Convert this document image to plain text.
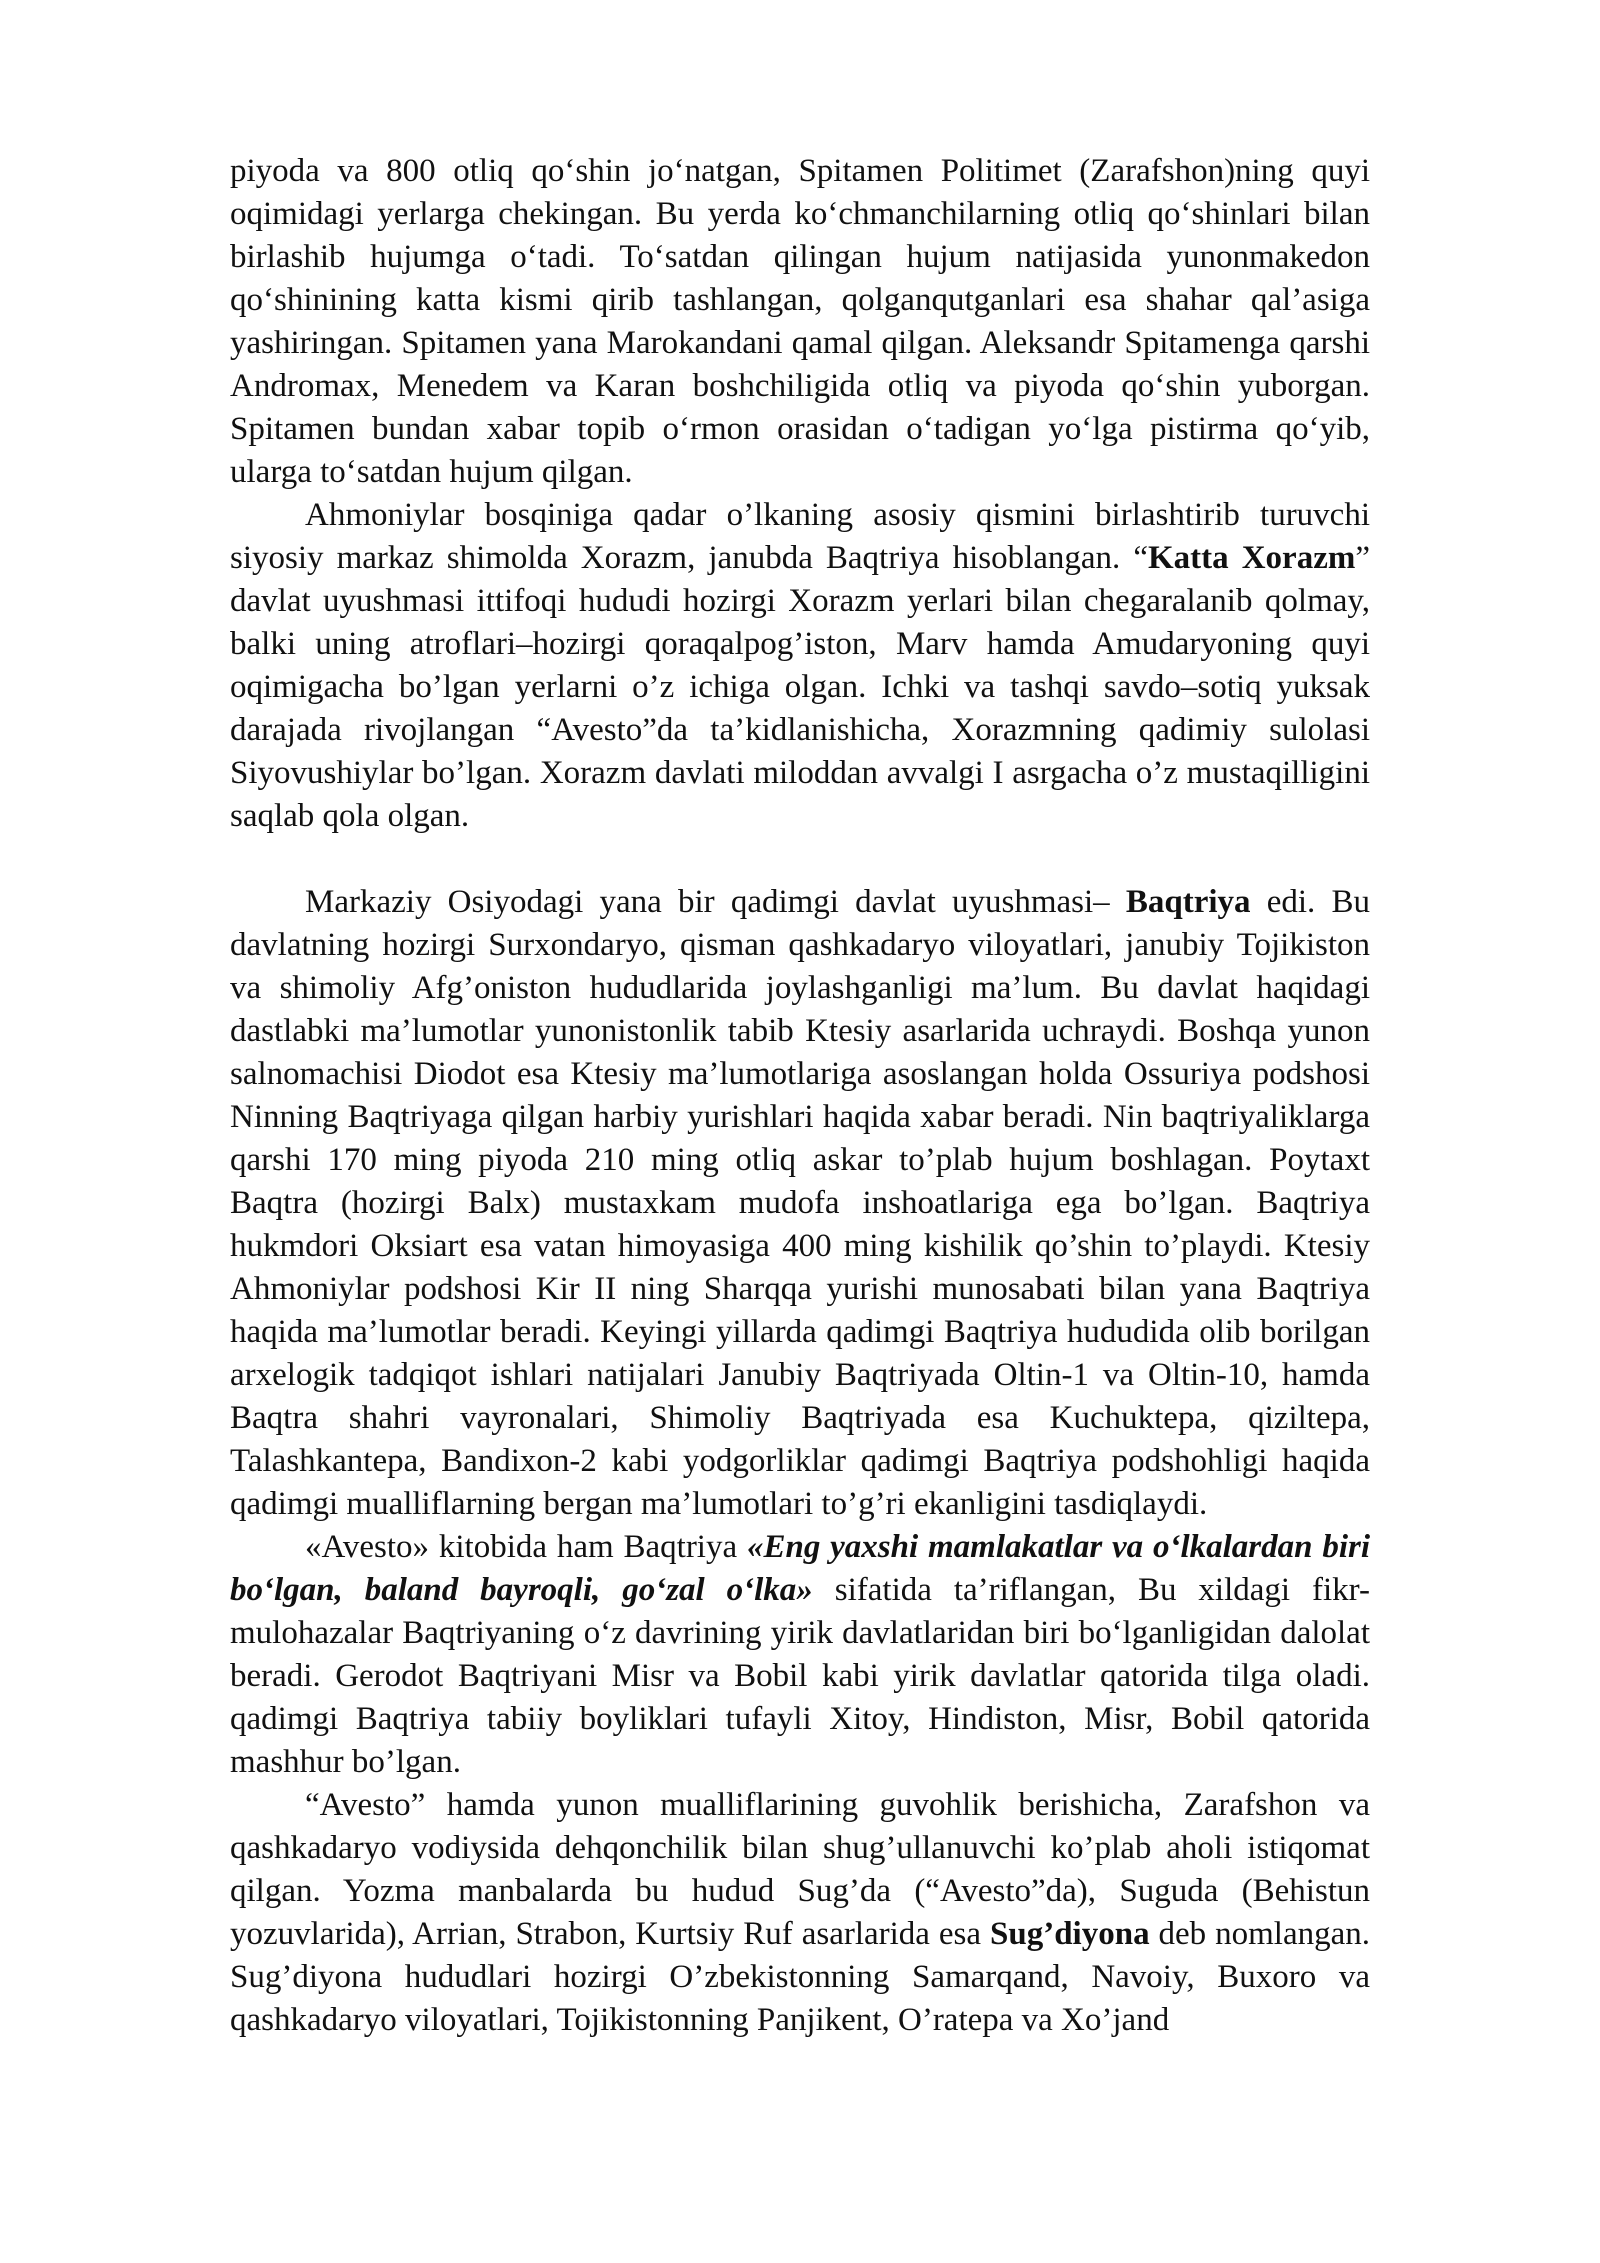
piyoda va 800 otliq qo‘shin jo‘natgan, Spitamen Politimet (Zarafshon)ning quyi oqimidagi yerlarga chekingan. Bu yerda ko‘chmanchilarning otliq qo‘shinlari bilan birlashib hujumga o‘tadi. To‘satdan qilingan hujum natijasida yunonmakedon qo‘shinining katta kismi qirib tashlangan, qolganqutganlari esa shahar qal’asiga yashiringan. Spitamen yana Marokandani qamal qilgan. Aleksandr Spitamenga qarshi Andromax, Menedem va Karan boshchiligida otliq va piyoda qo‘shin yuborgan. Spitamen bundan xabar topib o‘rmon orasidan o‘tadigan yo‘lga pistirma qo‘yib, ularga to‘satdan hujum qilgan.

Ahmoniylar bosqiniga qadar o’lkaning asosiy qismini birlashtirib turuvchi siyosiy markaz shimolda Xorazm, janubda Baqtriya hisoblangan. “Katta Xorazm” davlat uyushmasi ittifoqi hududi hozirgi Xorazm yerlari bilan chegaralanib qolmay, balki uning atroflari–hozirgi qoraqalpog’iston, Marv hamda Amudaryoning quyi oqimigacha bo’lgan yerlarni o’z ichiga olgan. Ichki va tashqi savdo–sotiq yuksak darajada rivojlangan “Avesto”da ta’kidlanishicha, Xorazmning qadimiy sulolasi Siyovushiylar bo’lgan. Xorazm davlati miloddan avvalgi I asrgacha o’z mustaqilligini saqlab qola olgan.

Markaziy Osiyodagi yana bir qadimgi davlat uyushmasi– Baqtriya edi. Bu davlatning hozirgi Surxondaryo, qisman qashkadaryo viloyatlari, janubiy Tojikiston va shimoliy Afg’oniston hududlarida joylashganligi ma’lum. Bu davlat haqidagi dastlabki ma’lumotlar yunonistonlik tabib Ktesiy asarlarida uchraydi. Boshqa yunon salnomachisi Diodot esa Ktesiy ma’lumotlariga asoslangan holda Ossuriya podshosi Ninning Baqtriyaga qilgan harbiy yurishlari haqida xabar beradi. Nin baqtriyaliklarga qarshi 170 ming piyoda 210 ming otliq askar to’plab hujum boshlagan. Poytaxt Baqtra (hozirgi Balx) mustaxkam mudofa inshoatlariga ega bo’lgan. Baqtriya hukmdori Oksiart esa vatan himoyasiga 400 ming kishilik qo’shin to’playdi. Ktesiy Ahmoniylar podshosi Kir II ning Sharqqa yurishi munosabati bilan yana Baqtriya haqida ma’lumotlar beradi. Keyingi yillarda qadimgi Baqtriya hududida olib borilgan arxelogik tadqiqot ishlari natijalari Janubiy Baqtriyada Oltin-1 va Oltin-10, hamda Baqtra shahri vayronalari, Shimoliy Baqtriyada esa Kuchuktepa, qiziltepa, Talashkantepa, Bandixon-2 kabi yodgorliklar qadimgi Baqtriya podshohligi haqida qadimgi mualliflarning bergan ma’lumotlari to’g’ri ekanligini tasdiqlaydi.

«Avesto» kitobida ham Baqtriya «Eng yaxshi mamlakatlar va o‘lkalardan biri bo‘lgan, baland bayroqli, go‘zal o‘lka» sifatida ta’riflangan, Bu xildagi fikr-mulohazalar Baqtriyaning o‘z davrining yirik davlatlaridan biri bo‘lganligidan dalolat beradi. Gerodot Baqtriyani Misr va Bobil kabi yirik davlatlar qatorida tilga oladi. qadimgi Baqtriya tabiiy boyliklari tufayli Xitoy, Hindiston, Misr, Bobil qatorida mashhur bo’lgan.

“Avesto” hamda yunon mualliflarining guvohlik berishicha, Zarafshon va qashkadaryo vodiysida dehqonchilik bilan shug’ullanuvchi ko’plab aholi istiqomat qilgan. Yozma manbalarda bu hudud Sug’da (“Avesto”da), Suguda (Behistun yozuvlarida), Arrian, Strabon, Kurtsiy Ruf asarlarida esa Sug’diyona deb nomlangan. Sug’diyona hududlari hozirgi O’zbekistonning Samarqand, Navoiy, Buxoro va qashkadaryo viloyatlari, Tojikistonning Panjikent, O’ratepa va Xo’jand
